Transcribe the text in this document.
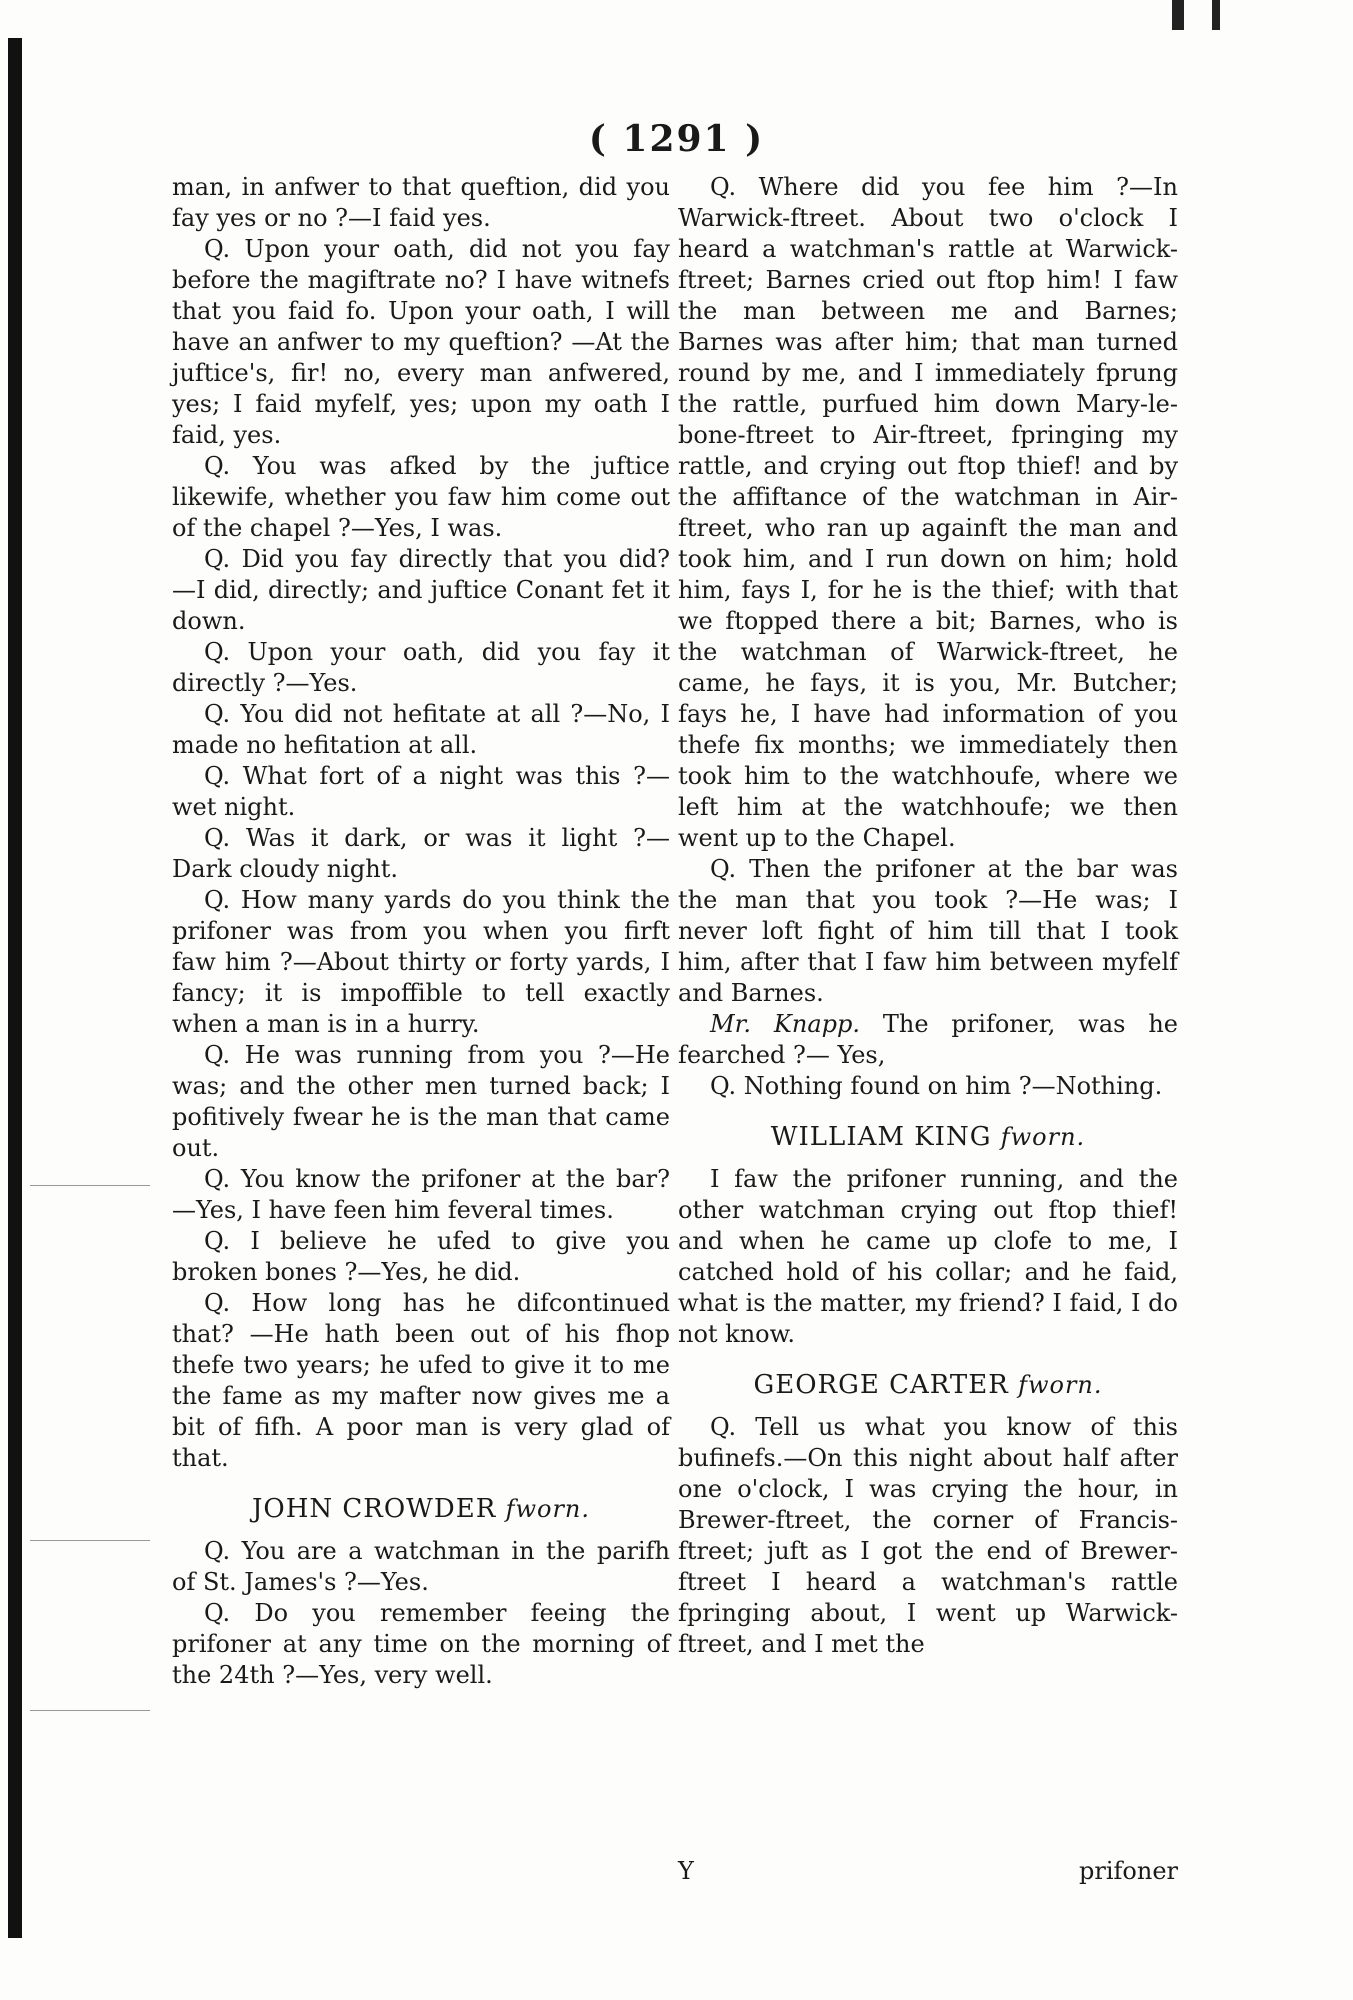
( 1291 )

man, in anfwer to that queftion, did you fay yes or no ?—I faid yes.

Q. Upon your oath, did not you fay before the magiftrate no? I have witnefs that you faid fo. Upon your oath, I will have an anfwer to my queftion? —At the juftice's, fir! no, every man anfwered, yes; I faid myfelf, yes; upon my oath I faid, yes.

Q. You was afked by the juftice likewife, whether you faw him come out of the chapel ?—Yes, I was.

Q. Did you fay directly that you did? —I did, directly; and juftice Conant fet it down.

Q. Upon your oath, did you fay it directly ?—Yes.

Q. You did not hefitate at all ?—No, I made no hefitation at all.

Q. What fort of a night was this ?— wet night.

Q. Was it dark, or was it light ?— Dark cloudy night.

Q. How many yards do you think the prifoner was from you when you firft faw him ?—About thirty or forty yards, I fancy; it is impoffible to tell exactly when a man is in a hurry.

Q. He was running from you ?—He was; and the other men turned back; I pofitively fwear he is the man that came out.

Q. You know the prifoner at the bar? —Yes, I have feen him feveral times.

Q. I believe he ufed to give you broken bones ?—Yes, he did.

Q. How long has he difcontinued that? —He hath been out of his fhop thefe two years; he ufed to give it to me the fame as my mafter now gives me a bit of fifh. A poor man is very glad of that.

JOHN CROWDER fworn.

Q. You are a watchman in the parifh of St. James's ?—Yes.

Q. Do you remember feeing the prifoner at any time on the morning of the 24th ?—Yes, very well.

Q. Where did you fee him ?—In Warwick-ftreet. About two o'clock I heard a watchman's rattle at Warwick-ftreet; Barnes cried out ftop him! I faw the man between me and Barnes; Barnes was after him; that man turned round by me, and I immediately fprung the rattle, purfued him down Mary-le-bone-ftreet to Air-ftreet, fpringing my rattle, and crying out ftop thief! and by the affiftance of the watchman in Air-ftreet, who ran up againft the man and took him, and I run down on him; hold him, fays I, for he is the thief; with that we ftopped there a bit; Barnes, who is the watchman of Warwick-ftreet, he came, he fays, it is you, Mr. Butcher; fays he, I have had information of you thefe fix months; we immediately then took him to the watchhoufe, where we left him at the watchhoufe; we then went up to the Chapel.

Q. Then the prifoner at the bar was the man that you took ?—He was; I never loft fight of him till that I took him, after that I faw him between myfelf and Barnes.

Mr. Knapp. The prifoner, was he fearched ?— Yes,

Q. Nothing found on him ?—Nothing.

WILLIAM KING fworn.

I faw the prifoner running, and the other watchman crying out ftop thief! and when he came up clofe to me, I catched hold of his collar; and he faid, what is the matter, my friend? I faid, I do not know.

GEORGE CARTER fworn.

Q. Tell us what you know of this bufinefs.—On this night about half after one o'clock, I was crying the hour, in Brewer-ftreet, the corner of Francis-ftreet; juft as I got the end of Brewer-ftreet I heard a watchman's rattle fpringing about, I went up Warwick-ftreet, and I met the

Y	prifoner
